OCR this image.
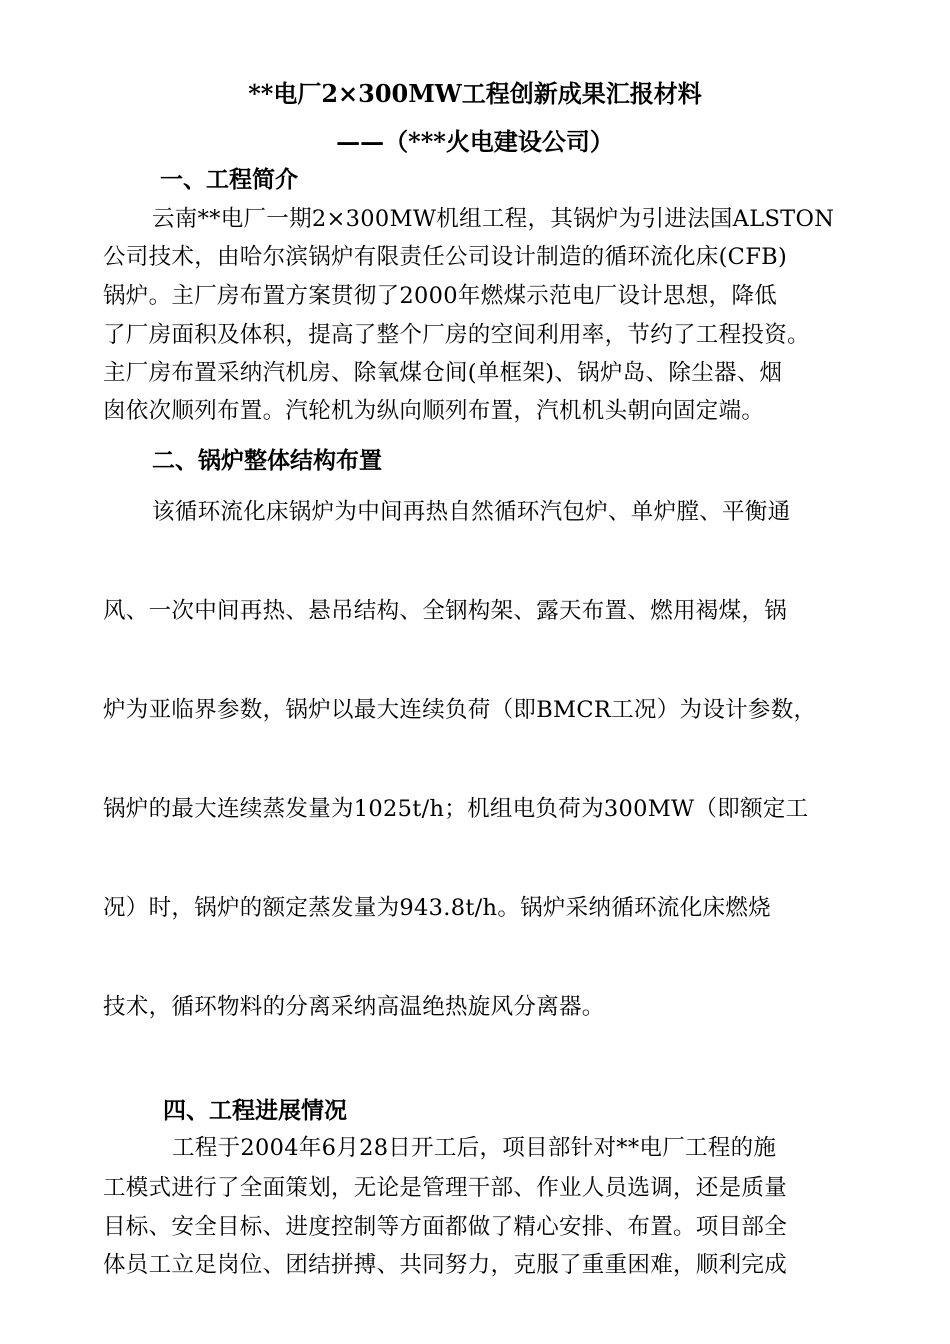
**电厂2×300MW工程创新成果汇报材料
——（***火电建设公司）
一、工程简介
云南**电厂一期2×300MW机组工程，其锅炉为引进法国ALSTON
公司技术，由哈尔滨锅炉有限责任公司设计制造的循环流化床(CFB)
锅炉。主厂房布置方案贯彻了2000年燃煤示范电厂设计思想，降低
了厂房面积及体积，提高了整个厂房的空间利用率，节约了工程投资。
主厂房布置采纳汽机房、除氧煤仓间(单框架)、锅炉岛、除尘器、烟
囱依次顺列布置。汽轮机为纵向顺列布置，汽机机头朝向固定端。
二、锅炉整体结构布置
该循环流化床锅炉为中间再热自然循环汽包炉、单炉膛、平衡通
风、一次中间再热、悬吊结构、全钢构架、露天布置、燃用褐煤，锅
炉为亚临界参数，锅炉以最大连续负荷（即BMCR工况）为设计参数，
锅炉的最大连续蒸发量为1025t/h；机组电负荷为300MW（即额定工
况）时，锅炉的额定蒸发量为943.8t/h。锅炉采纳循环流化床燃烧
技术，循环物料的分离采纳高温绝热旋风分离器。
四、工程进展情况
工程于2004年6月28日开工后，项目部针对**电厂工程的施
工模式进行了全面策划，无论是管理干部、作业人员选调，还是质量
目标、安全目标、进度控制等方面都做了精心安排、布置。项目部全
体员工立足岗位、团结拼搏、共同努力，克服了重重困难，顺利完成
